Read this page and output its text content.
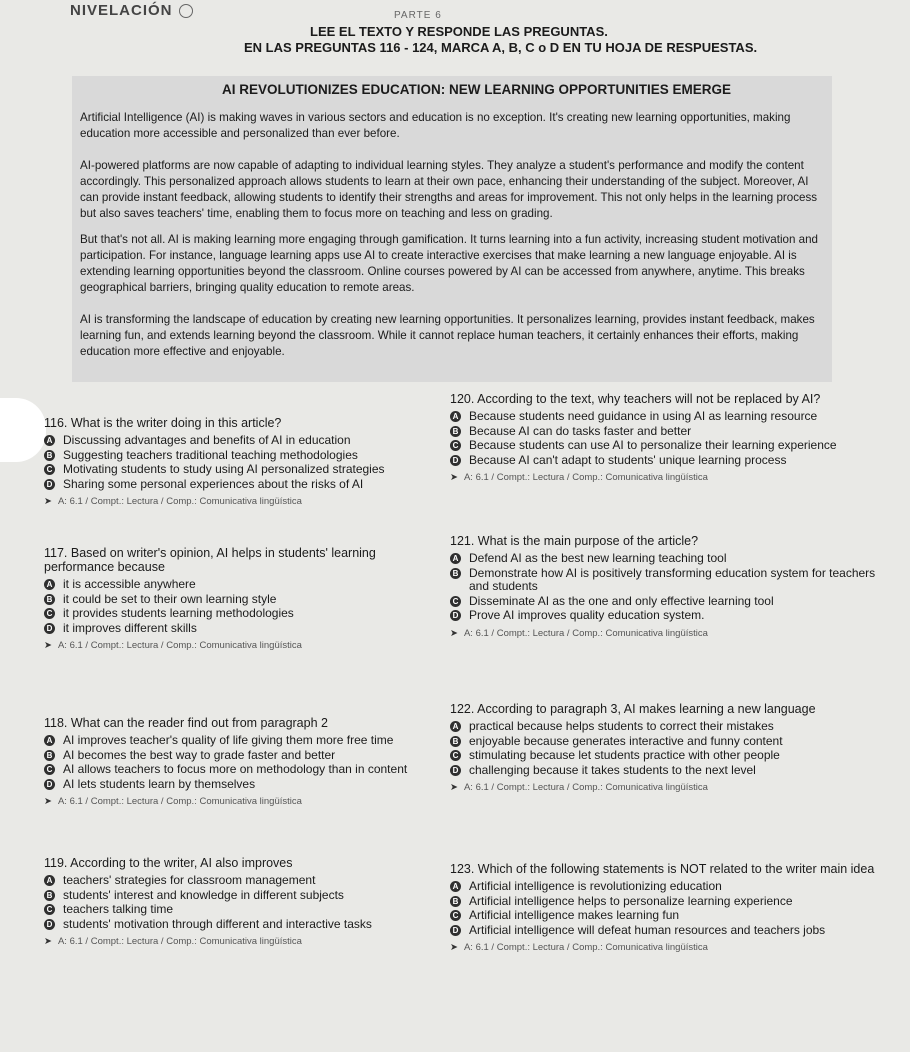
NIVELACIÓN	PARTE 6
LEE EL TEXTO Y RESPONDE LAS PREGUNTAS.
EN LAS PREGUNTAS 116 - 124, MARCA A, B, C o D EN TU HOJA DE RESPUESTAS.
AI REVOLUTIONIZES EDUCATION: NEW LEARNING OPPORTUNITIES EMERGE

Artificial Intelligence (AI) is making waves in various sectors and education is no exception. It's creating new learning opportunities, making education more accessible and personalized than ever before.

AI-powered platforms are now capable of adapting to individual learning styles. They analyze a student's performance and modify the content accordingly. This personalized approach allows students to learn at their own pace, enhancing their understanding of the subject. Moreover, AI can provide instant feedback, allowing students to identify their strengths and areas for improvement. This not only helps in the learning process but also saves teachers' time, enabling them to focus more on teaching and less on grading.

But that's not all. AI is making learning more engaging through gamification. It turns learning into a fun activity, increasing student motivation and participation. For instance, language learning apps use AI to create interactive exercises that make learning a new language enjoyable. AI is extending learning opportunities beyond the classroom. Online courses powered by AI can be accessed from anywhere, anytime. This breaks geographical barriers, bringing quality education to remote areas.

AI is transforming the landscape of education by creating new learning opportunities. It personalizes learning, provides instant feedback, makes learning fun, and extends learning beyond the classroom. While it cannot replace human teachers, it certainly enhances their efforts, making education more effective and enjoyable.

116. What is the writer doing in this article?

A Discussing advantages and benefits of AI in education
B Suggesting teachers traditional teaching methodologies
C Motivating students to study using AI personalized strategies
D Sharing some personal experiences about the risks of AI
➤ A: 6.1 / Compt.: Lectura / Comp.: Comunicativa lingüística

117. Based on writer's opinion, AI helps in students' learning performance because

A it is accessible anywhere
B it could be set to their own learning style
C it provides students learning methodologies
D it improves different skills
➤ A: 6.1 / Compt.: Lectura / Comp.: Comunicativa lingüística

118. What can the reader find out from paragraph 2

A AI improves teacher's quality of life giving them more free time
B AI becomes the best way to grade faster and better
C AI allows teachers to focus more on methodology than in content
D AI lets students learn by themselves
➤ A: 6.1 / Compt.: Lectura / Comp.: Comunicativa lingüística

119. According to the writer, AI also improves

A teachers' strategies for classroom management
B students' interest and knowledge in different subjects
C teachers talking time
D students' motivation through different and interactive tasks
➤ A: 6.1 / Compt.: Lectura / Comp.: Comunicativa lingüística

120. According to the text, why teachers will not be replaced by AI?

A Because students need guidance in using AI as learning resource
B Because AI can do tasks faster and better
C Because students can use AI to personalize their learning experience
D Because AI can't adapt to students' unique learning process
➤ A: 6.1 / Compt.: Lectura / Comp.: Comunicativa lingüística

121. What is the main purpose of the article?

A Defend AI as the best new learning teaching tool
B Demonstrate how AI is positively transforming education system for teachers and students
C Disseminate AI as the one and only effective learning tool
D Prove AI improves quality education system.
➤ A: 6.1 / Compt.: Lectura / Comp.: Comunicativa lingüística

122. According to paragraph 3, AI makes learning a new language

A practical because helps students to correct their mistakes
B enjoyable because generates interactive and funny content
C stimulating because let students practice with other people
D challenging because it takes students to the next level
➤ A: 6.1 / Compt.: Lectura / Comp.: Comunicativa lingüística

123. Which of the following statements is NOT related to the writer main idea

A Artificial intelligence is revolutionizing education
B Artificial intelligence helps to personalize learning experience
C Artificial intelligence makes learning fun
D Artificial intelligence will defeat human resources and teachers jobs
➤ A: 6.1 / Compt.: Lectura / Comp.: Comunicativa lingüística
